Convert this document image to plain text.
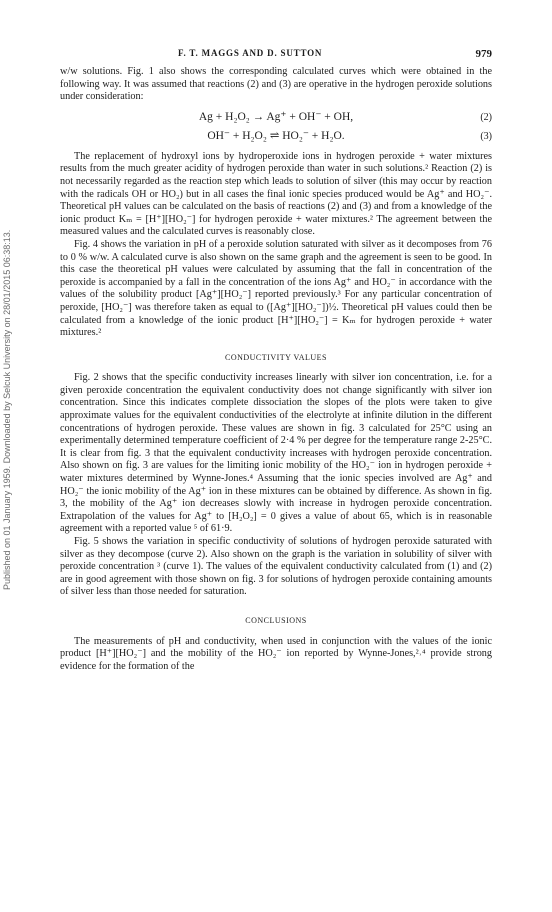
F. T. MAGGS AND D. SUTTON	979
Published on 01 January 1959. Downloaded by Selcuk University on 28/01/2015 06:38:13.

w/w solutions. Fig. 1 also shows the corresponding calculated curves which were obtained in the following way. It was assumed that reactions (2) and (3) are operative in the hydrogen peroxide solutions under consideration:

Ag + H₂O₂ → Ag⁺ + OH⁻ + OH,	(2)
OH⁻ + H₂O₂ ⇌ HO₂⁻ + H₂O.	(3)

The replacement of hydroxyl ions by hydroperoxide ions in hydrogen peroxide + water mixtures results from the much greater acidity of hydrogen peroxide than water in such solutions.² Reaction (2) is not necessarily regarded as the reaction step which leads to solution of silver (this may occur by reaction with the radicals OH or HO₂) but in all cases the final ionic species produced would be Ag⁺ and HO₂⁻. Theoretical pH values can be calculated on the basis of reactions (2) and (3) and from a knowledge of the ionic product Kₘ = [H⁺][HO₂⁻] for hydrogen peroxide + water mixtures.² The agreement between the measured values and the calculated curves is reasonably close.

Fig. 4 shows the variation in pH of a peroxide solution saturated with silver as it decomposes from 76 to 0 % w/w. A calculated curve is also shown on the same graph and the agreement is seen to be good. In this case the theoretical pH values were calculated by assuming that the fall in concentration of the peroxide is accompanied by a fall in the concentration of the ions Ag⁺ and HO₂⁻ in accordance with the values of the solubility product [Ag⁺][HO₂⁻] reported previously.³ For any particular concentration of peroxide, [HO₂⁻] was therefore taken as equal to ([Ag⁺][HO₂⁻])½. Theoretical pH values could then be calculated from a knowledge of the ionic product [H⁺][HO₂⁻] = Kₘ for hydrogen peroxide + water mixtures.²

CONDUCTIVITY VALUES

Fig. 2 shows that the specific conductivity increases linearly with silver ion concentration, i.e. for a given peroxide concentration the equivalent conductivity does not change significantly with silver ion concentration. Since this indicates complete dissociation the slopes of the plots were taken to give approximate values for the equivalent conductivities of the electrolyte at infinite dilution in the different concentrations of hydrogen peroxide. These values are shown in fig. 3 calculated for 25°C using an experimentally determined temperature coefficient of 2·4 % per degree for the temperature range 2-25°C. It is clear from fig. 3 that the equivalent conductivity increases with hydrogen peroxide concentration. Also shown on fig. 3 are values for the limiting ionic mobility of the HO₂⁻ ion in hydrogen peroxide + water mixtures determined by Wynne-Jones.⁴ Assuming that the ionic species involved are Ag⁺ and HO₂⁻ the ionic mobility of the Ag⁺ ion in these mixtures can be obtained by difference. As shown in fig. 3, the mobility of the Ag⁺ ion decreases slowly with increase in hydrogen peroxide concentration. Extrapolation of the values for Ag⁺ to [H₂O₂] = 0 gives a value of about 65, which is in reasonable agreement with a reported value ⁵ of 61·9.

Fig. 5 shows the variation in specific conductivity of solutions of hydrogen peroxide saturated with silver as they decompose (curve 2). Also shown on the graph is the variation in solubility of silver with peroxide concentration ³ (curve 1). The values of the equivalent conductivity calculated from (1) and (2) are in good agreement with those shown on fig. 3 for solutions of hydrogen peroxide containing amounts of silver less than those needed for saturation.

CONCLUSIONS

The measurements of pH and conductivity, when used in conjunction with the values of the ionic product [H⁺][HO₂⁻] and the mobility of the HO₂⁻ ion reported by Wynne-Jones,²˒⁴ provide strong evidence for the formation of the
